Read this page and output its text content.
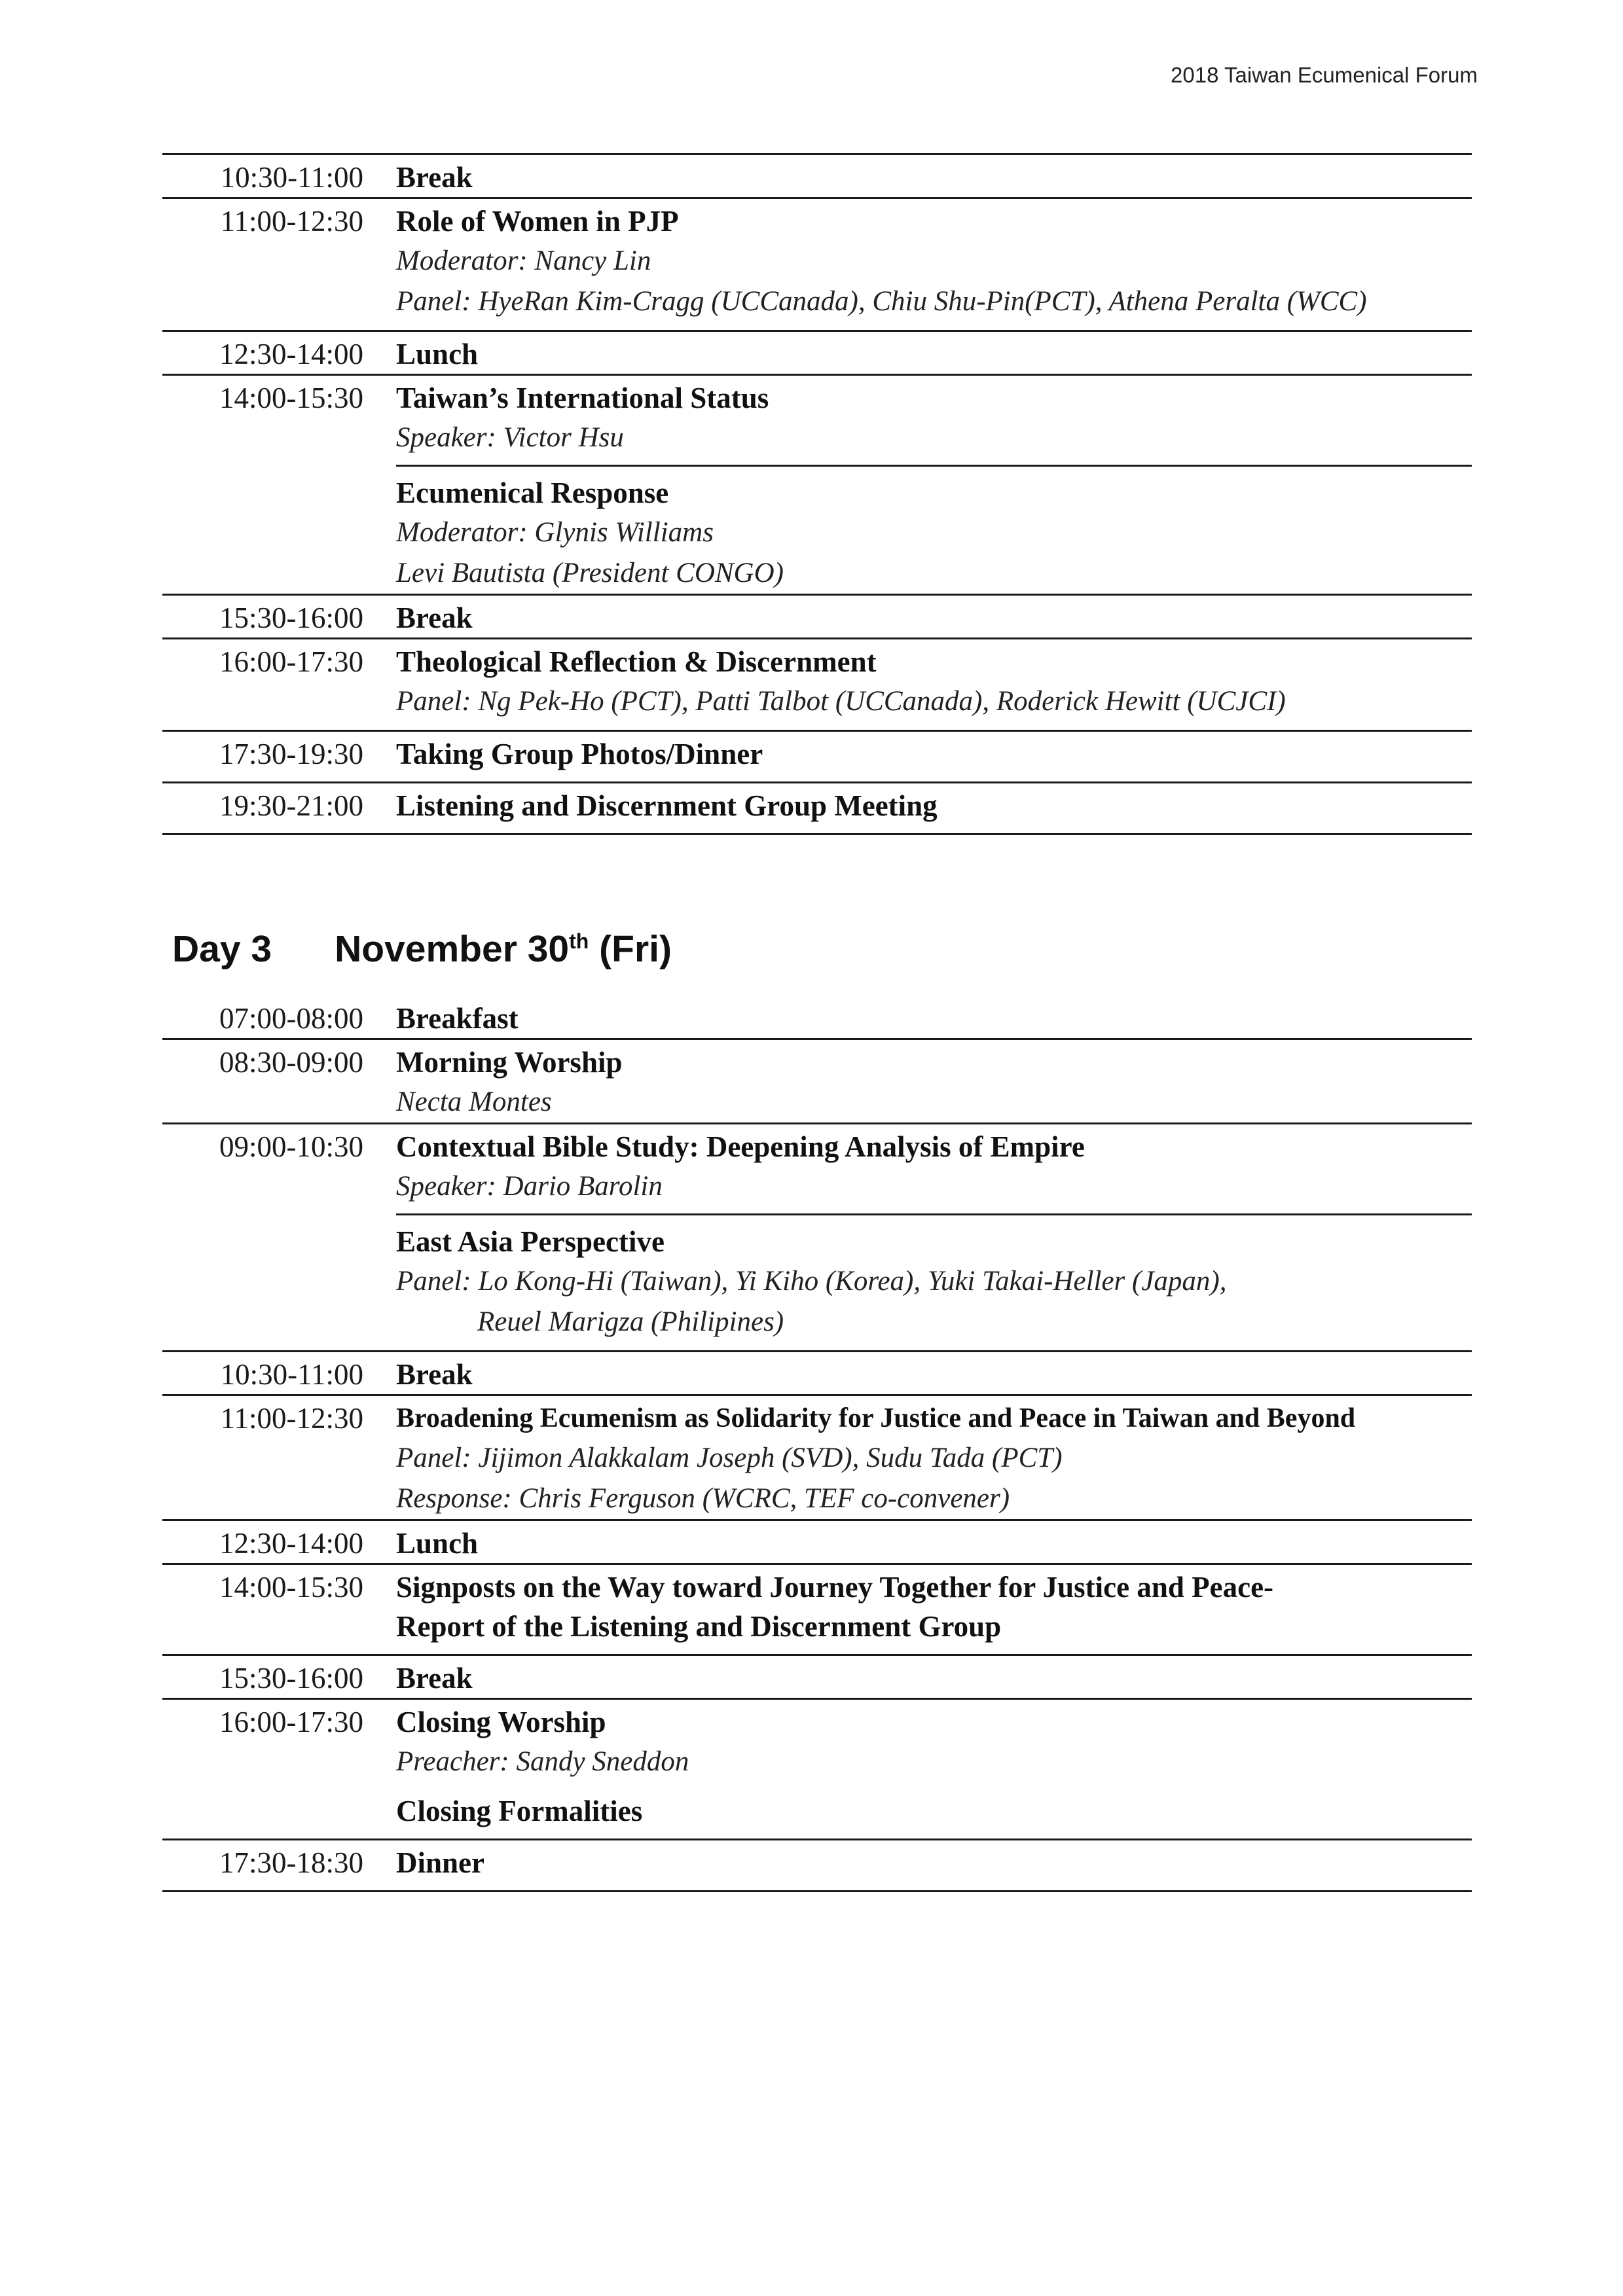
2018 Taiwan Ecumenical Forum
10:30-11:00 Break
11:00-12:30 Role of Women in PJP
Moderator: Nancy Lin
Panel: HyeRan Kim-Cragg (UCCanada), Chiu Shu-Pin(PCT), Athena Peralta (WCC)
12:30-14:00 Lunch
14:00-15:30 Taiwan’s International Status
Speaker: Victor Hsu
Ecumenical Response
Moderator: Glynis Williams
Levi Bautista (President CONGO)
15:30-16:00 Break
16:00-17:30 Theological Reflection & Discernment
Panel: Ng Pek-Ho (PCT), Patti Talbot (UCCanada), Roderick Hewitt (UCJCI)
17:30-19:30 Taking Group Photos/Dinner
19:30-21:00 Listening and Discernment Group Meeting
Day 3 November 30th (Fri)
07:00-08:00 Breakfast
08:30-09:00 Morning Worship
Necta Montes
09:00-10:30 Contextual Bible Study: Deepening Analysis of Empire
Speaker: Dario Barolin
East Asia Perspective
Panel: Lo Kong-Hi (Taiwan), Yi Kiho (Korea), Yuki Takai-Heller (Japan),
Reuel Marigza (Philipines)
10:30-11:00 Break
11:00-12:30 Broadening Ecumenism as Solidarity for Justice and Peace in Taiwan and Beyond
Panel: Jijimon Alakkalam Joseph (SVD), Sudu Tada (PCT)
Response: Chris Ferguson (WCRC, TEF co-convener)
12:30-14:00 Lunch
14:00-15:30 Signposts on the Way toward Journey Together for Justice and Peace-
Report of the Listening and Discernment Group
15:30-16:00 Break
16:00-17:30 Closing Worship
Preacher: Sandy Sneddon
Closing Formalities
17:30-18:30 Dinner
